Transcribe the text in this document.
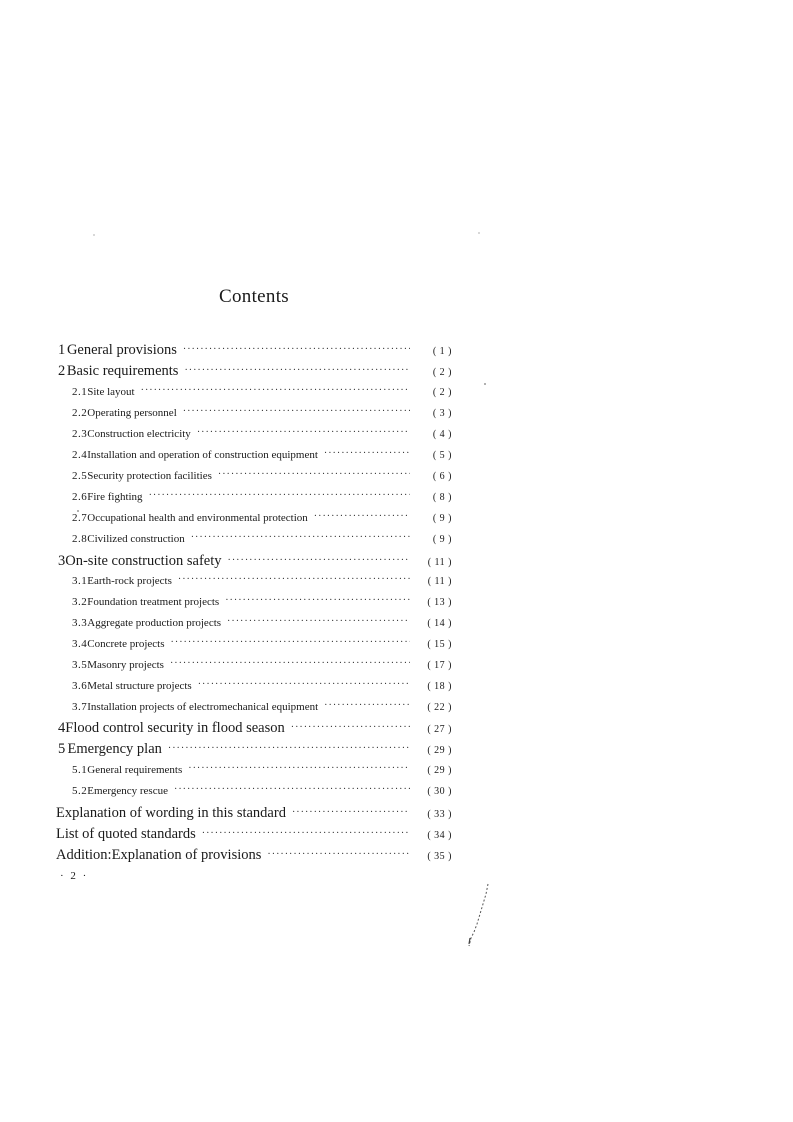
Contents
1 General provisions ·····	( 1 )
2 Basic requirements ·····	( 2 )
2.1 Site layout ·····	( 2 )
2.2 Operating personnel ·····	( 3 )
2.3 Construction electricity ·····	( 4 )
2.4 Installation and operation of construction equipment ·····	( 5 )
2.5 Security protection facilities ·····	( 6 )
2.6 Fire fighting ·····	( 8 )
2.7 Occupational health and environmental protection ·····	( 9 )
2.8 Civilized construction ·····	( 9 )
3 On-site construction safety ·····	( 11 )
3.1 Earth-rock projects ·····	( 11 )
3.2 Foundation treatment projects ·····	( 13 )
3.3 Aggregate production projects ·····	( 14 )
3.4 Concrete projects ·····	( 15 )
3.5 Masonry projects ·····	( 17 )
3.6 Metal structure projects ·····	( 18 )
3.7 Installation projects of electromechanical equipment ·····	( 22 )
4 Flood control security in flood season ·····	( 27 )
5 Emergency plan ·····	( 29 )
5.1 General requirements ·····	( 29 )
5.2 Emergency rescue ·····	( 30 )
Explanation of wording in this standard ·····	( 33 )
List of quoted standards ·····	( 34 )
Addition:Explanation of provisions ·····	( 35 )
· 2 ·
